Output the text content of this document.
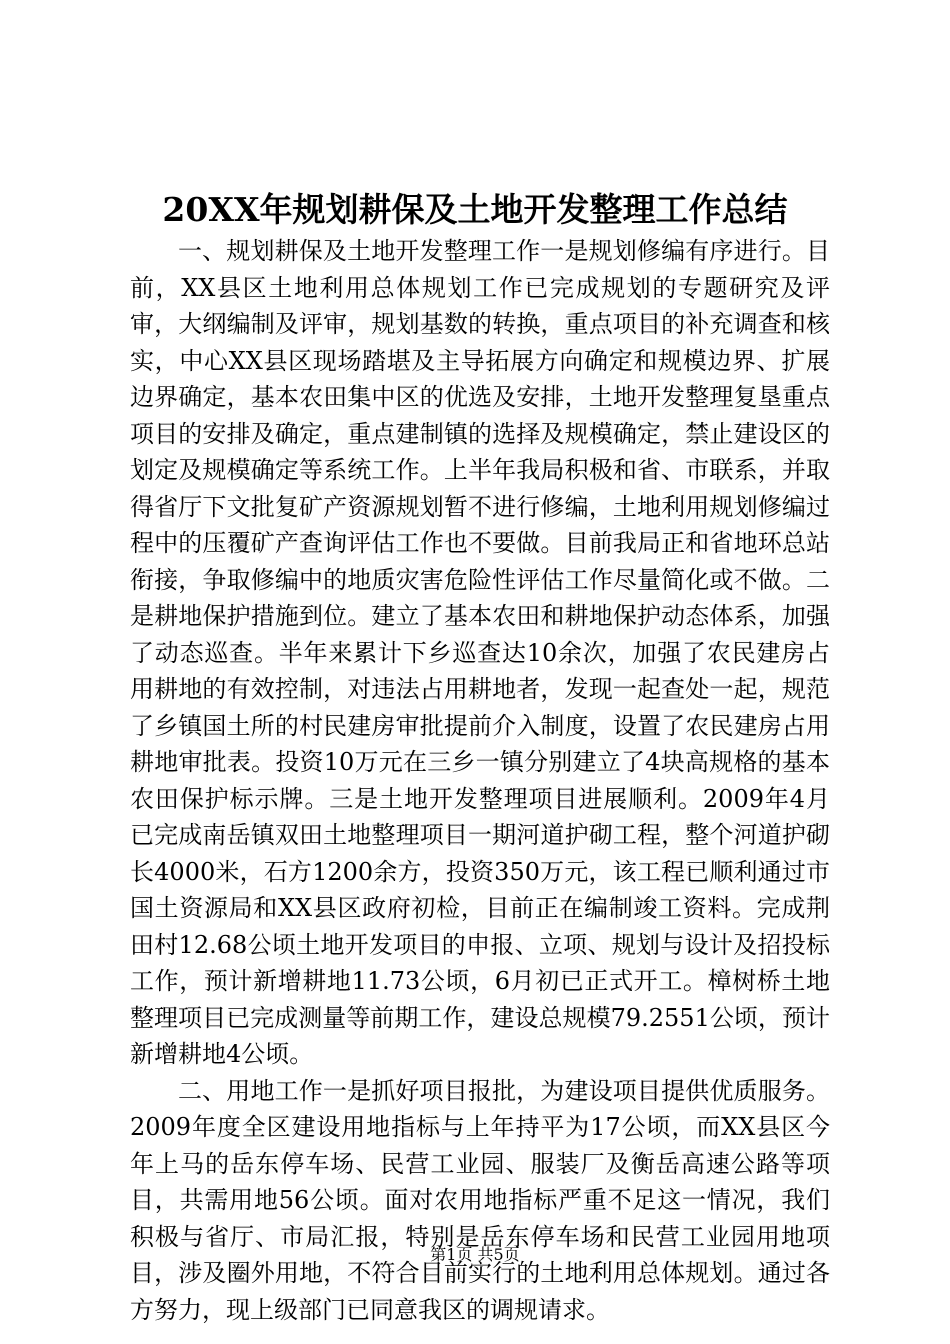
20XX年规划耕保及土地开发整理工作总结

一、规划耕保及土地开发整理工作一是规划修编有序进行。目前，XX县区土地利用总体规划工作已完成规划的专题研究及评审，大纲编制及评审，规划基数的转换，重点项目的补充调查和核实，中心XX县区现场踏堪及主导拓展方向确定和规模边界、扩展边界确定，基本农田集中区的优选及安排，土地开发整理复垦重点项目的安排及确定，重点建制镇的选择及规模确定，禁止建设区的划定及规模确定等系统工作。上半年我局积极和省、市联系，并取得省厅下文批复矿产资源规划暂不进行修编，土地利用规划修编过程中的压覆矿产查询评估工作也不要做。目前我局正和省地环总站衔接，争取修编中的地质灾害危险性评估工作尽量简化或不做。二是耕地保护措施到位。建立了基本农田和耕地保护动态体系，加强了动态巡查。半年来累计下乡巡查达10余次，加强了农民建房占用耕地的有效控制，对违法占用耕地者，发现一起查处一起，规范了乡镇国土所的村民建房审批提前介入制度，设置了农民建房占用耕地审批表。投资10万元在三乡一镇分别建立了4块高规格的基本农田保护标示牌。三是土地开发整理项目进展顺利。2009年4月已完成南岳镇双田土地整理项目一期河道护砌工程，整个河道护砌长4000米，石方1200余方，投资350万元，该工程已顺利通过市国土资源局和XX县区政府初检，目前正在编制竣工资料。完成荆田村12.68公顷土地开发项目的申报、立项、规划与设计及招投标工作，预计新增耕地11.73公顷，6月初已正式开工。樟树桥土地整理项目已完成测量等前期工作，建设总规模79.2551公顷，预计新增耕地4公顷。

二、用地工作一是抓好项目报批，为建设项目提供优质服务。2009年度全区建设用地指标与上年持平为17公顷，而XX县区今年上马的岳东停车场、民营工业园、服装厂及衡岳高速公路等项目，共需用地56公顷。面对农用地指标严重不足这一情况，我们积极与省厅、市局汇报，特别是岳东停车场和民营工业园用地项目，涉及圈外用地，不符合目前实行的土地利用总体规划。通过各方努力，现上级部门已同意我区的调规请求。

第1页 共5页
